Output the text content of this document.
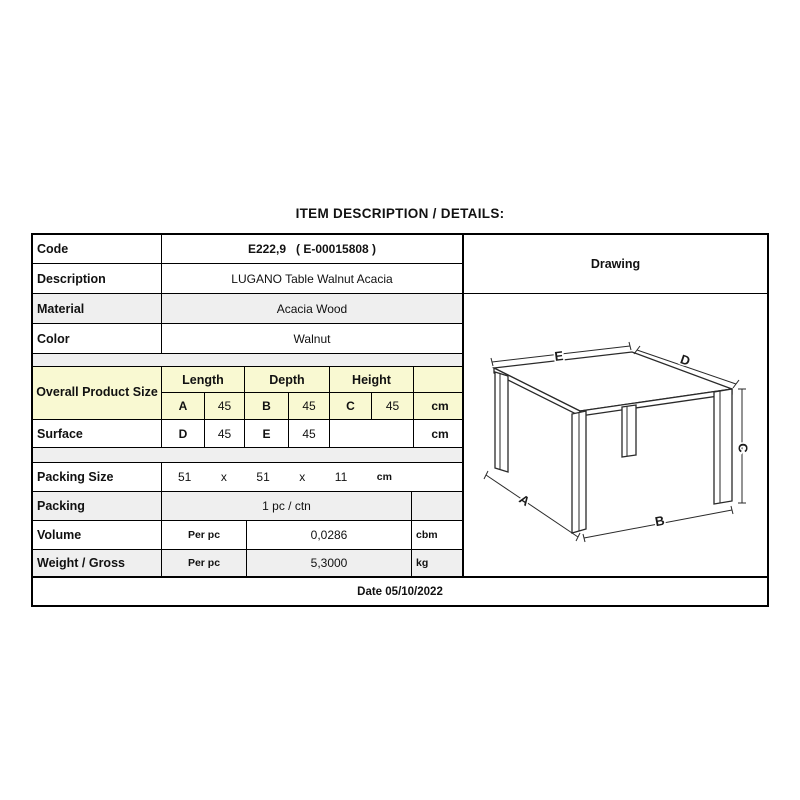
ITEM DESCRIPTION / DETAILS:
Code	E222,9   ( E-00015808 )
Description	LUGANO Table Walnut Acacia
Material	Acacia Wood
Color	Walnut
Overall Product Size
Length	Depth	Height
A	45	B	45	C	45	cm
Surface	D	45	E	45	cm
Packing Size	51 x 51 x 11	cm
Packing	1 pc / ctn
Volume	Per pc	0,0286	cbm
Weight / Gross	Per pc	5,3000	kg
Drawing
E	D
A
B
C
Date 05/10/2022
